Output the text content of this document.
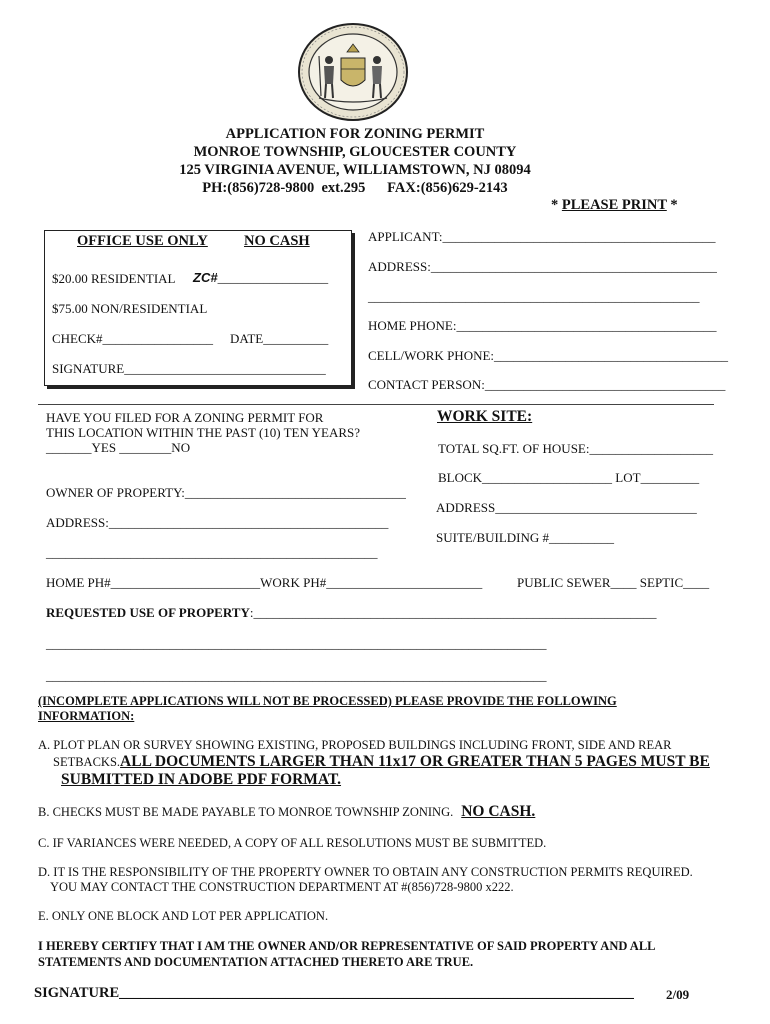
APPLICATION FOR ZONING PERMIT
MONROE TOWNSHIP, GLOUCESTER COUNTY
125 VIRGINIA AVENUE, WILLIAMSTOWN, NJ 08094
PH:(856)728-9800  ext.295      FAX:(856)629-2143
* PLEASE PRINT *
OFFICE USE ONLY NO CASH
$20.00 RESIDENTIAL ZC#_________________
$75.00 NON/RESIDENTIAL
CHECK#_________________ DATE__________
SIGNATURE_______________________________
APPLICANT:__________________________________________
ADDRESS:____________________________________________
___________________________________________________
HOME PHONE:________________________________________
CELL/WORK PHONE:____________________________________
CONTACT PERSON:_____________________________________
HAVE YOU FILED FOR A ZONING PERMIT FOR
THIS LOCATION WITHIN THE PAST (10) TEN YEARS?
_______YES ________NO
OWNER OF PROPERTY:__________________________________
ADDRESS:___________________________________________
___________________________________________________
HOME PH#_______________________WORK PH#________________________
WORK SITE:
TOTAL SQ.FT. OF HOUSE:___________________
BLOCK____________________ LOT_________
ADDRESS_______________________________
SUITE/BUILDING #__________
PUBLIC SEWER____ SEPTIC____
REQUESTED USE OF PROPERTY:______________________________________________________________
_____________________________________________________________________________
_____________________________________________________________________________
(INCOMPLETE APPLICATIONS WILL NOT BE PROCESSED) PLEASE PROVIDE THE FOLLOWING
INFORMATION:
A. PLOT PLAN OR SURVEY SHOWING EXISTING, PROPOSED BUILDINGS INCLUDING FRONT, SIDE AND REAR
SETBACKS.ALL DOCUMENTS LARGER THAN 11x17 OR GREATER THAN 5 PAGES MUST BE
SUBMITTED IN ADOBE PDF FORMAT.
B. CHECKS MUST BE MADE PAYABLE TO MONROE TOWNSHIP ZONING. NO CASH.
C. IF VARIANCES WERE NEEDED, A COPY OF ALL RESOLUTIONS MUST BE SUBMITTED.
D. IT IS THE RESPONSIBILITY OF THE PROPERTY OWNER TO OBTAIN ANY CONSTRUCTION PERMITS REQUIRED.
YOU MAY CONTACT THE CONSTRUCTION DEPARTMENT AT #(856)728-9800 x222.
E. ONLY ONE BLOCK AND LOT PER APPLICATION.
I HEREBY CERTIFY THAT I AM THE OWNER AND/OR REPRESENTATIVE OF SAID PROPERTY AND ALL
STATEMENTS AND DOCUMENTATION ATTACHED THERETO ARE TRUE.
SIGNATURE_______________________________________________________________________ 2/09
